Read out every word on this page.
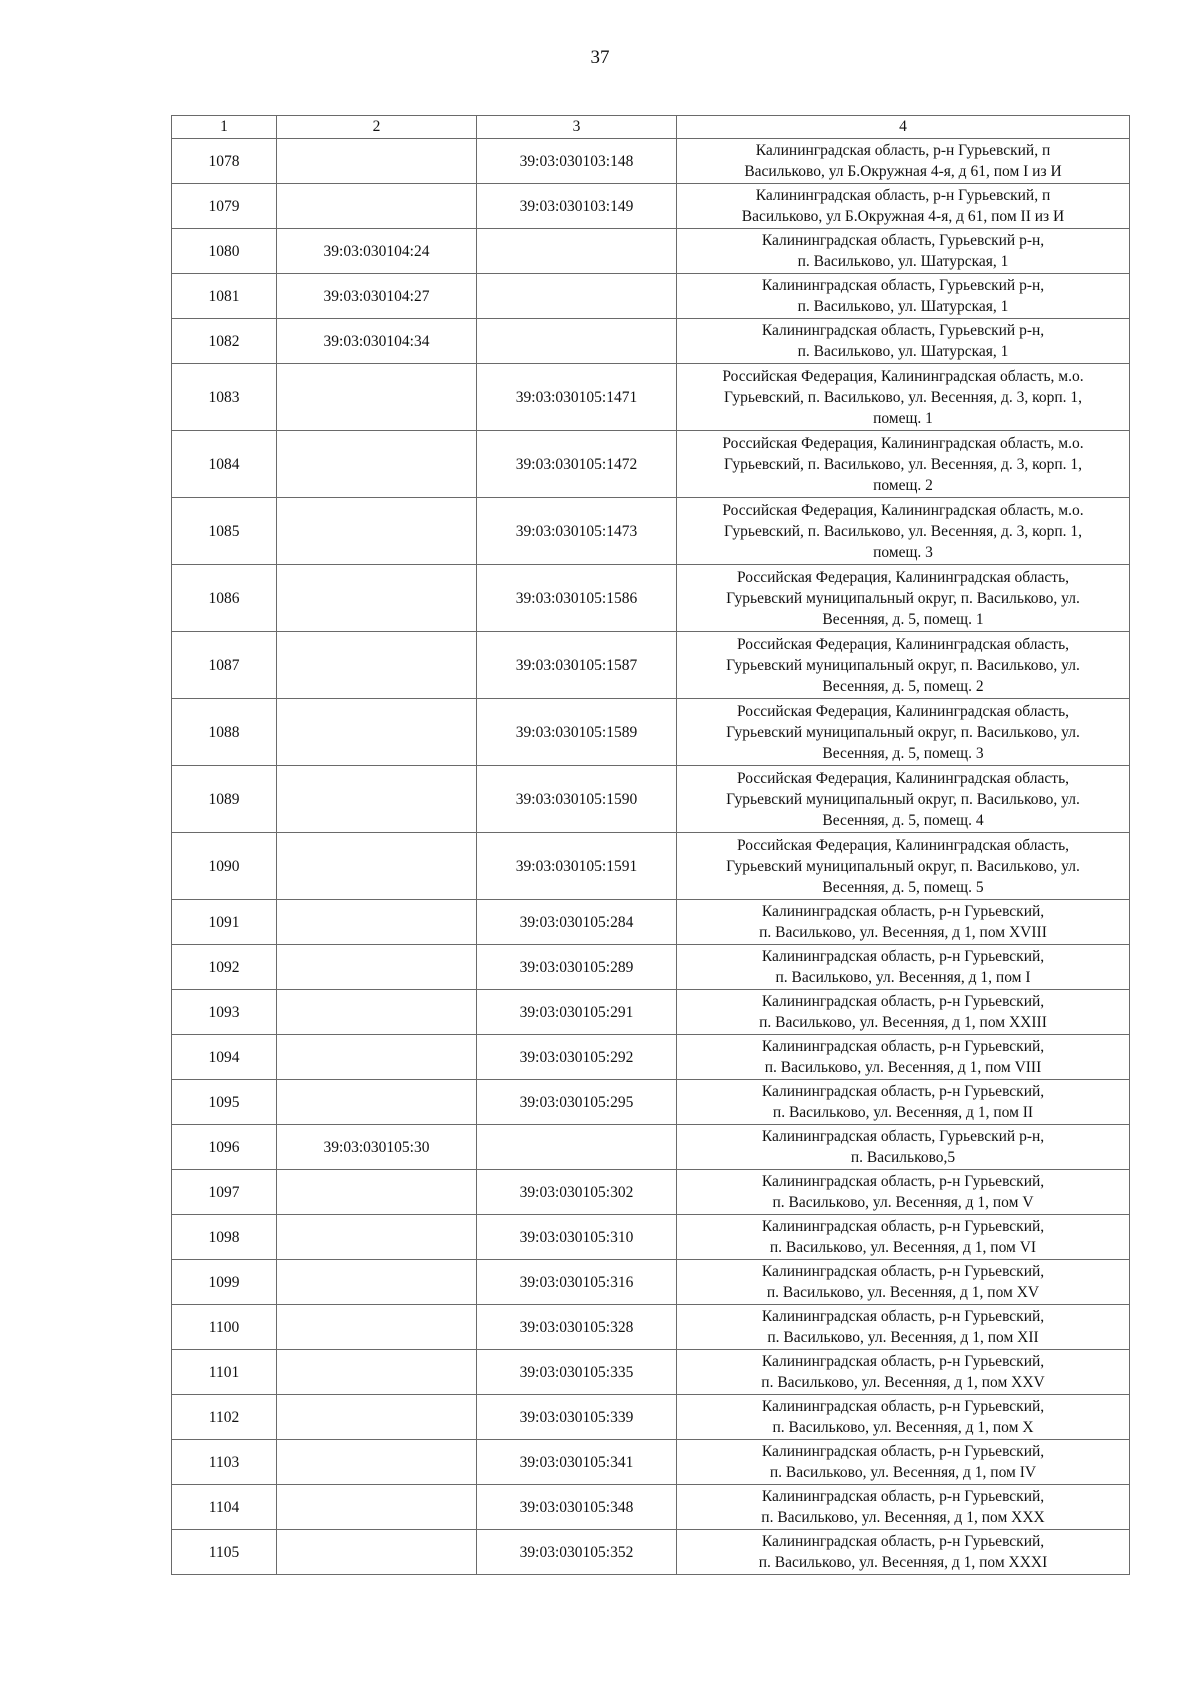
37
1	2	3	4
1078		39:03:030103:148	Калининградская область, р-н Гурьевский, п
Васильково, ул Б.Окружная 4-я, д 61, пом I из И

1079		39:03:030103:149	Калининградская область, р-н Гурьевский, п
Васильково, ул Б.Окружная 4-я, д 61, пом II из И

1080	39:03:030104:24		Калининградская область, Гурьевский р-н,
п. Васильково, ул. Шатурская, 1

1081	39:03:030104:27		Калининградская область, Гурьевский р-н,
п. Васильково, ул. Шатурская, 1

1082	39:03:030104:34		Калининградская область, Гурьевский р-н,
п. Васильково, ул. Шатурская, 1

1083		39:03:030105:1471	Российская Федерация, Калининградская область, м.о.
Гурьевский, п. Васильково, ул. Весенняя, д. 3, корп. 1,
помещ. 1

1084		39:03:030105:1472	Российская Федерация, Калининградская область, м.о.
Гурьевский, п. Васильково, ул. Весенняя, д. 3, корп. 1,
помещ. 2

1085		39:03:030105:1473	Российская Федерация, Калининградская область, м.о.
Гурьевский, п. Васильково, ул. Весенняя, д. 3, корп. 1,
помещ. 3

1086		39:03:030105:1586	Российская Федерация, Калининградская область,
Гурьевский муниципальный округ, п. Васильково, ул.
Весенняя, д. 5, помещ. 1

1087		39:03:030105:1587	Российская Федерация, Калининградская область,
Гурьевский муниципальный округ, п. Васильково, ул.
Весенняя, д. 5, помещ. 2

1088		39:03:030105:1589	Российская Федерация, Калининградская область,
Гурьевский муниципальный округ, п. Васильково, ул.
Весенняя, д. 5, помещ. 3

1089		39:03:030105:1590	Российская Федерация, Калининградская область,
Гурьевский муниципальный округ, п. Васильково, ул.
Весенняя, д. 5, помещ. 4

1090		39:03:030105:1591	Российская Федерация, Калининградская область,
Гурьевский муниципальный округ, п. Васильково, ул.
Весенняя, д. 5, помещ. 5

1091		39:03:030105:284	Калининградская область, р-н Гурьевский,
п. Васильково, ул. Весенняя, д 1, пом XVIII

1092		39:03:030105:289	Калининградская область, р-н Гурьевский,
п. Васильково, ул. Весенняя, д 1, пом I

1093		39:03:030105:291	Калининградская область, р-н Гурьевский,
п. Васильково, ул. Весенняя, д 1, пом XXIII

1094		39:03:030105:292	Калининградская область, р-н Гурьевский,
п. Васильково, ул. Весенняя, д 1, пом VIII

1095		39:03:030105:295	Калининградская область, р-н Гурьевский,
п. Васильково, ул. Весенняя, д 1, пом II

1096	39:03:030105:30		Калининградская область, Гурьевский р-н,
п. Васильково,5

1097		39:03:030105:302	Калининградская область, р-н Гурьевский,
п. Васильково, ул. Весенняя, д 1, пом V

1098		39:03:030105:310	Калининградская область, р-н Гурьевский,
п. Васильково, ул. Весенняя, д 1, пом VI

1099		39:03:030105:316	Калининградская область, р-н Гурьевский,
п. Васильково, ул. Весенняя, д 1, пом XV

1100		39:03:030105:328	Калининградская область, р-н Гурьевский,
п. Васильково, ул. Весенняя, д 1, пом XII

1101		39:03:030105:335	Калининградская область, р-н Гурьевский,
п. Васильково, ул. Весенняя, д 1, пом XXV

1102		39:03:030105:339	Калининградская область, р-н Гурьевский,
п. Васильково, ул. Весенняя, д 1, пом X

1103		39:03:030105:341	Калининградская область, р-н Гурьевский,
п. Васильково, ул. Весенняя, д 1, пом IV

1104		39:03:030105:348	Калининградская область, р-н Гурьевский,
п. Васильково, ул. Весенняя, д 1, пом XXX

1105		39:03:030105:352	Калининградская область, р-н Гурьевский,
п. Васильково, ул. Весенняя, д 1, пом XXXI
